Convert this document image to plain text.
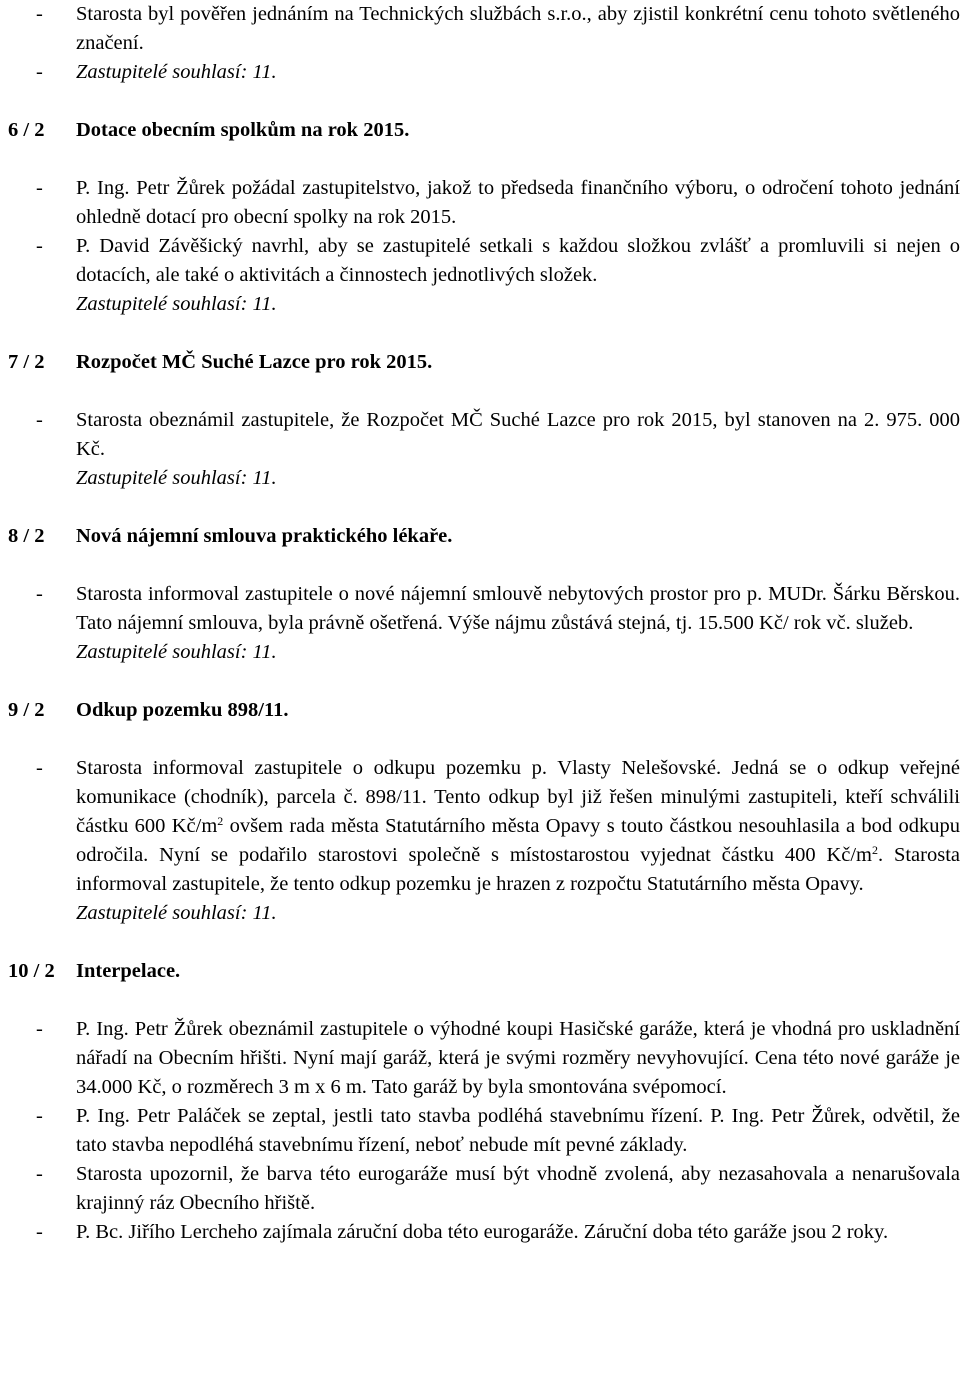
- Starosta byl pověřen jednáním na Technických službách s.r.o., aby zjistil konkrétní cenu tohoto světleného značení.

- Zastupitelé souhlasí: 11.

6 / 2 Dotace obecním spolkům na rok 2015.
- P. Ing. Petr Žůrek požádal zastupitelstvo, jakož to předseda finančního výboru, o odročení tohoto jednání ohledně dotací pro obecní spolky na rok 2015.

- P. David Závěšický navrhl, aby se zastupitelé setkali s každou složkou zvlášť a promluvili si nejen o dotacích, ale také o aktivitách a činnostech jednotlivých složek.

Zastupitelé souhlasí: 11.

7 / 2 Rozpočet MČ Suché Lazce pro rok 2015.
- Starosta obeznámil zastupitele, že Rozpočet MČ Suché Lazce pro rok 2015, byl stanoven na 2. 975. 000 Kč.

Zastupitelé souhlasí: 11.

8 / 2 Nová nájemní smlouva praktického lékaře.
- Starosta informoval zastupitele o nové nájemní smlouvě nebytových prostor pro p. MUDr. Šárku Běrskou. Tato nájemní smlouva, byla právně ošetřená. Výše nájmu zůstává stejná, tj. 15.500 Kč/ rok vč. služeb.

Zastupitelé souhlasí: 11.

9 / 2 Odkup pozemku 898/11.
- Starosta informoval zastupitele o odkupu pozemku p. Vlasty Nelešovské. Jedná se o odkup veřejné komunikace (chodník), parcela č. 898/11. Tento odkup byl již řešen minulými zastupiteli, kteří schválili částku 600 $Kč/m^2$ ovšem rada města Statutárního města Opavy s touto částkou nesouhlasila a bod odkupu odročila. Nyní se podařilo starostovi společně s místostarostou vyjednat částku 400 $Kč/m^2$. Starosta informoval zastupitele, že tento odkup pozemku je hrazen z rozpočtu Statutárního města Opavy.

Zastupitelé souhlasí: 11.

10 / 2 Interpelace.
- P. Ing. Petr Žůrek obeznámil zastupitele o výhodné koupi Hasičské garáže, která je vhodná pro uskladnění nářadí na Obecním hřišti. Nyní mají garáž, která je svými rozměry nevyhovující. Cena této nové garáže je 34.000 Kč, o rozměrech 3 m x 6 m. Tato garáž by byla smontována svépomocí.

- P. Ing. Petr Paláček se zeptal, jestli tato stavba podléhá stavebnímu řízení. P. Ing. Petr Žůrek, odvětil, že tato stavba nepodléhá stavebnímu řízení, neboť nebude mít pevné základy.

- Starosta upozornil, že barva této eurogaráže musí být vhodně zvolená, aby nezasahovala a nenarušovala krajinný ráz Obecního hřiště.

- P. Bc. Jiřího Lercheho zajímala záruční doba této eurogaráže. Záruční doba této garáže jsou 2 roky.
